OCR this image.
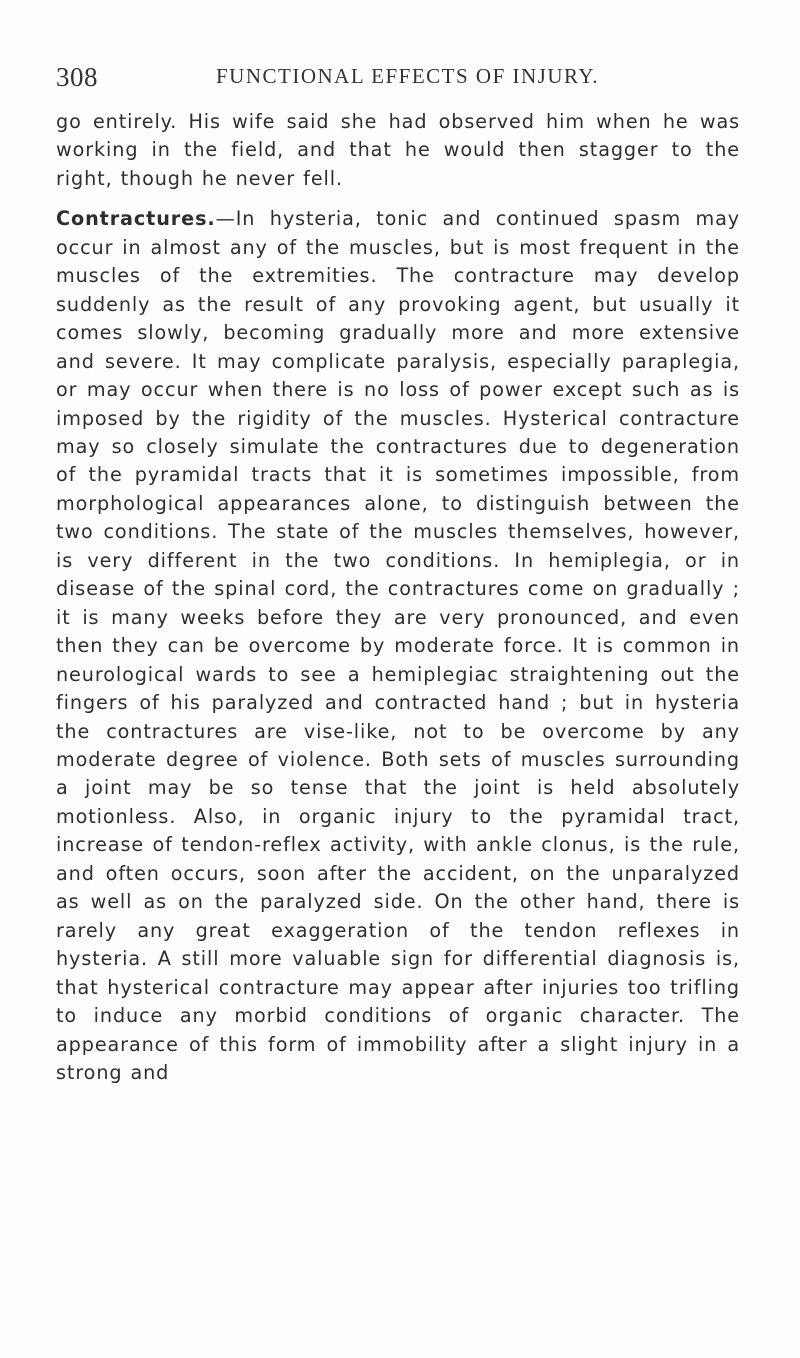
308	FUNCTIONAL EFFECTS OF INJURY.

go entirely. His wife said she had observed him when he was working in the field, and that he would then stagger to the right, though he never fell.

Contractures.—In hysteria, tonic and continued spasm may occur in almost any of the muscles, but is most frequent in the muscles of the extremities. The contracture may develop suddenly as the result of any provoking agent, but usually it comes slowly, becoming gradually more and more extensive and severe. It may complicate paralysis, especially paraplegia, or may occur when there is no loss of power except such as is imposed by the rigidity of the muscles. Hysterical contracture may so closely simulate the contractures due to degeneration of the pyramidal tracts that it is sometimes impossible, from morphological appearances alone, to distinguish between the two conditions. The state of the muscles themselves, however, is very different in the two conditions. In hemiplegia, or in disease of the spinal cord, the contractures come on gradually ; it is many weeks before they are very pronounced, and even then they can be overcome by moderate force. It is common in neurological wards to see a hemiplegiac straightening out the fingers of his paralyzed and contracted hand ; but in hysteria the contractures are vise-like, not to be overcome by any moderate degree of violence. Both sets of muscles surrounding a joint may be so tense that the joint is held absolutely motionless. Also, in organic injury to the pyramidal tract, increase of tendon-reflex activity, with ankle clonus, is the rule, and often occurs, soon after the accident, on the unparalyzed as well as on the paralyzed side. On the other hand, there is rarely any great exaggeration of the tendon reflexes in hysteria. A still more valuable sign for differential diagnosis is, that hysterical contracture may appear after injuries too trifling to induce any morbid conditions of organic character. The appearance of this form of immobility after a slight injury in a strong and
